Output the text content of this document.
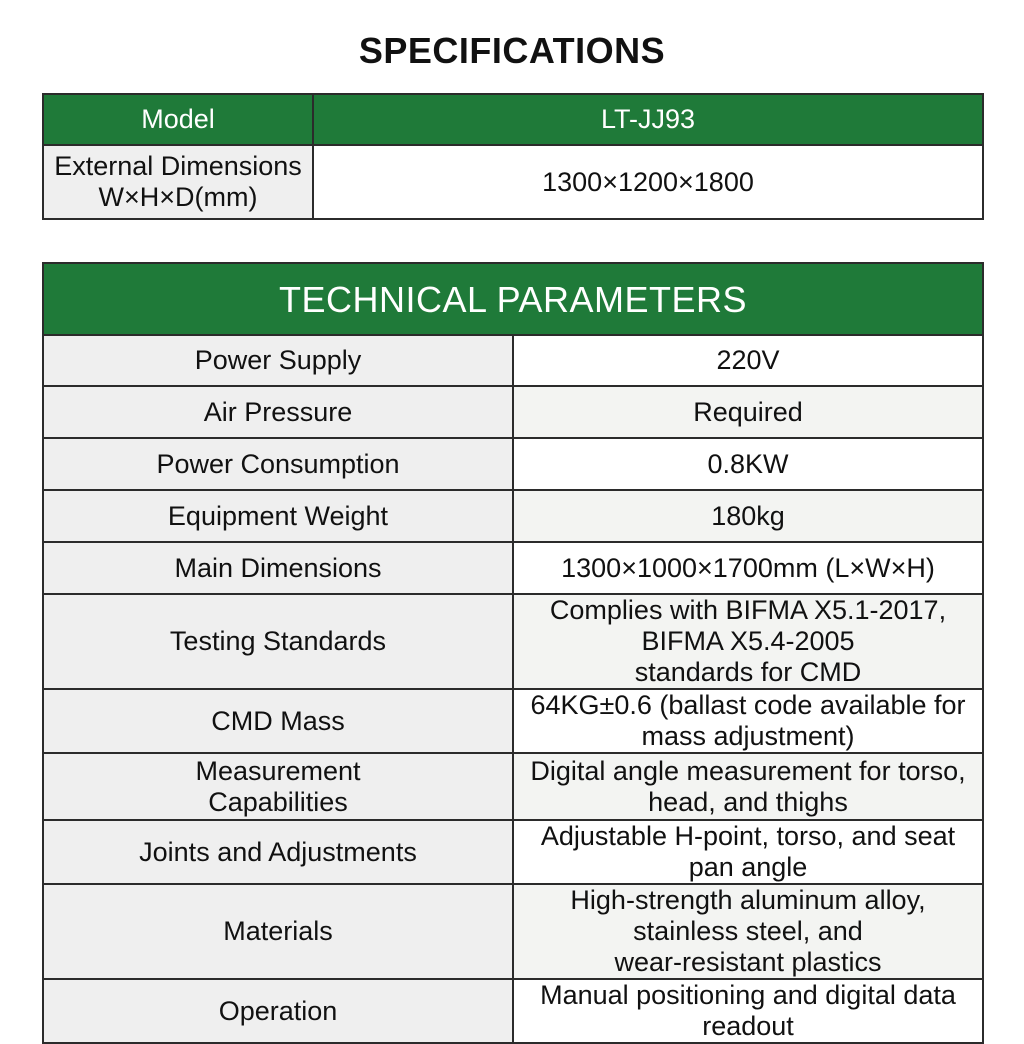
SPECIFICATIONS
Model	LT-JJ93

External Dimensions
W×H×D(mm)	1300×1200×1800
TECHNICAL PARAMETERS	
Power Supply	220V
Air Pressure	Required
Power Consumption	0.8KW
Equipment Weight	180kg
Main Dimensions	1300×1000×1700mm (L×W×H)
Testing Standards	Complies with BIFMA X5.1-2017, BIFMA X5.4-2005
standards for CMD

CMD Mass	64KG±0.6 (ballast code available for mass adjustment)

Measurement
Capabilities	Digital angle measurement for torso, head, and thighs
Joints and Adjustments	Adjustable H-point, torso, and seat pan angle
Materials	High-strength aluminum alloy, stainless steel, and
wear-resistant plastics

Operation	Manual positioning and digital data readout
